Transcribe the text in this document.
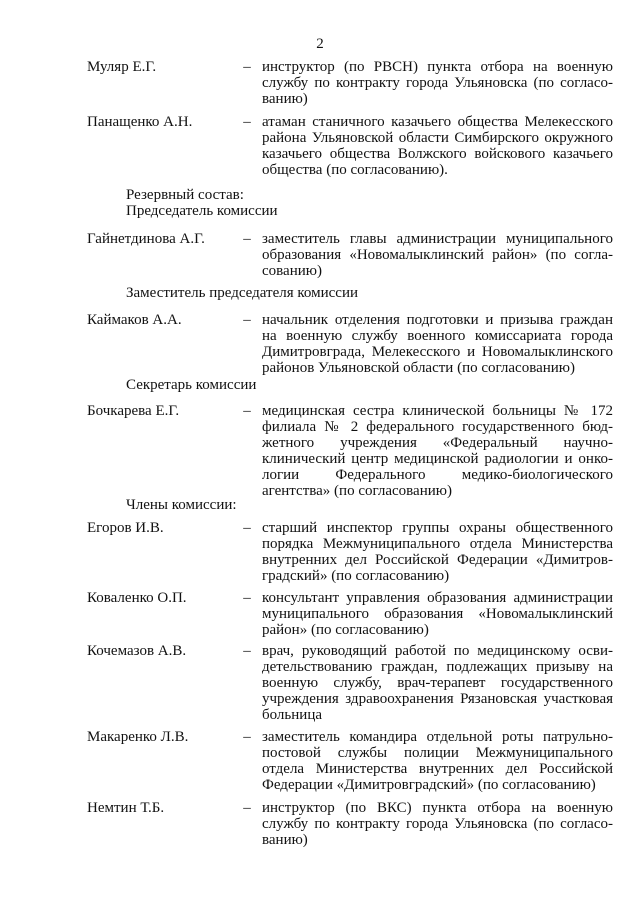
2
Муляр Е.Г.	– инструктор (по РВСН) пункта отбора на военную службу по контракту города Ульяновска (по согласованию)
Панащенко А.Н.	– атаман станичного казачьего общества Мелекесского района Ульяновской области Симбирского окружного казачьего общества Волжского войскового казачьего общества (по согласованию).
Резервный состав:
Председатель комиссии
Гайнетдинова А.Г.	– заместитель главы администрации муниципального образования «Новомалыклинский район» (по согласованию)
Заместитель председателя комиссии
Каймаков А.А.	– начальник отделения подготовки и призыва граждан на военную службу военного комиссариата города Димитровграда, Мелекесского и Новомалыклинского районов Ульяновской области (по согласованию)
Секретарь комиссии
Бочкарева Е.Г.	– медицинская сестра клинической больницы № 172 филиала № 2 федерального государственного бюджетного учреждения «Федеральный научно-клинический центр медицинской радиологии и онкологии Федерального медико-биологического агентства» (по согласованию)
Члены комиссии:
Егоров И.В.	– старший инспектор группы охраны общественного порядка Межмуниципального отдела Министерства внутренних дел Российской Федерации «Димитровградский» (по согласованию)
Коваленко О.П.	– консультант управления образования администрации муниципального образования «Новомалыклинский район» (по согласованию)
Кочемазов А.В.	– врач, руководящий работой по медицинскому освидетельствованию граждан, подлежащих призыву на военную службу, врач-терапевт государственного учреждения здравоохранения Рязановская участковая больница
Макаренко Л.В.	– заместитель командира отдельной роты патрульно-постовой службы полиции Межмуниципального отдела Министерства внутренних дел Российской Федерации «Димитровградский» (по согласованию)
Немтин Т.Б.	– инструктор (по ВКС) пункта отбора на военную службу по контракту города Ульяновска (по согласованию)
